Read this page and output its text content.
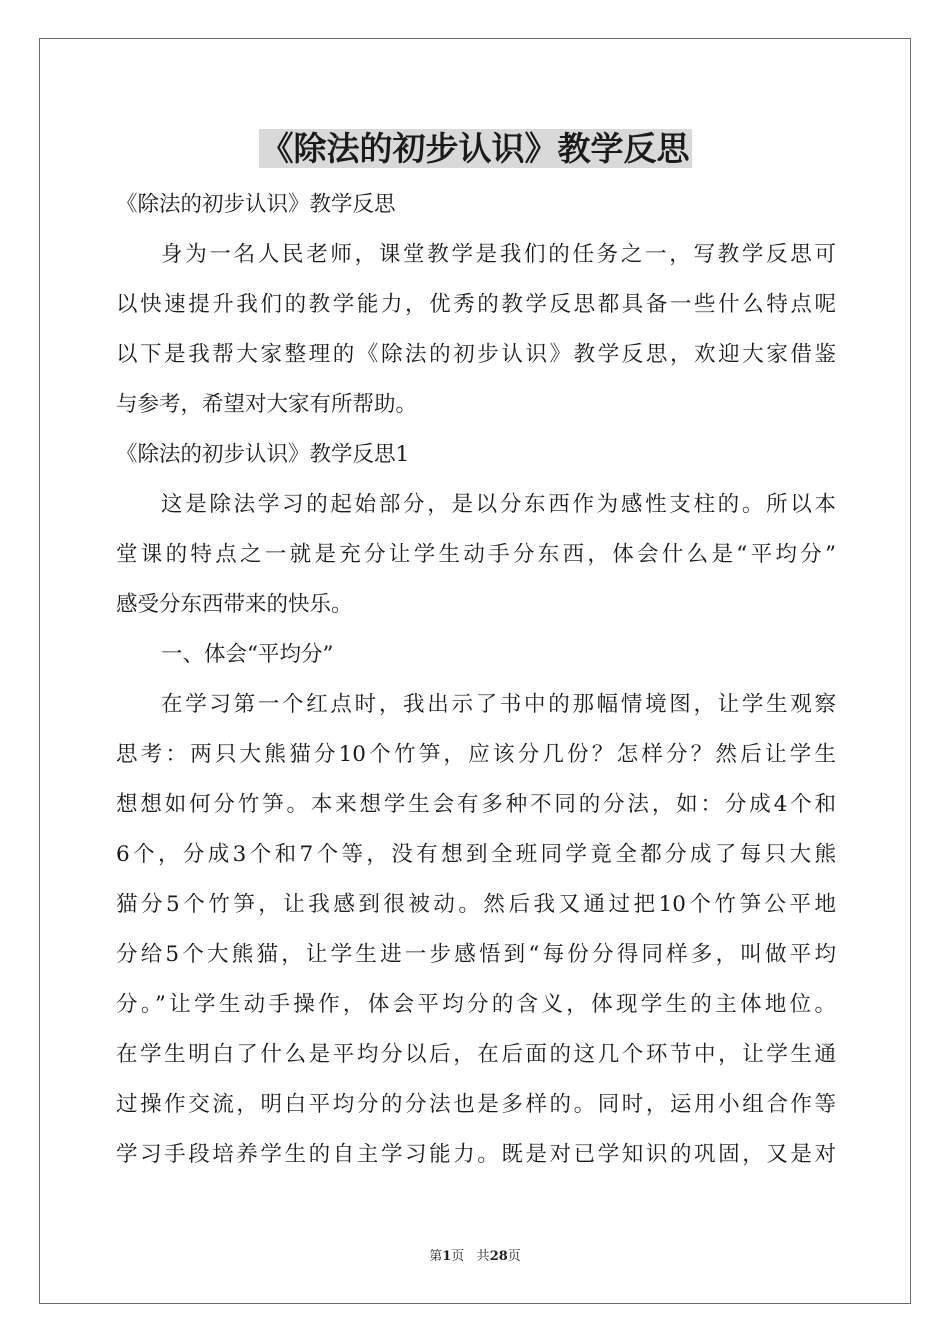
《除法的初步认识》教学反思
《除法的初步认识》教学反思
身为一名人民老师，课堂教学是我们的任务之一，写教学反思可
以快速提升我们的教学能力，优秀的教学反思都具备一些什么特点呢
以下是我帮大家整理的《除法的初步认识》教学反思，欢迎大家借鉴
与参考，希望对大家有所帮助。
《除法的初步认识》教学反思1
这是除法学习的起始部分，是以分东西作为感性支柱的。所以本
堂课的特点之一就是充分让学生动手分东西，体会什么是“平均分”
感受分东西带来的快乐。
一、体会“平均分”
在学习第一个红点时，我出示了书中的那幅情境图，让学生观察
思考：两只大熊猫分10个竹笋，应该分几份？怎样分？然后让学生
想想如何分竹笋。本来想学生会有多种不同的分法，如：分成4个和
6个，分成3个和7个等，没有想到全班同学竟全都分成了每只大熊
猫分5个竹笋，让我感到很被动。然后我又通过把10个竹笋公平地
分给5个大熊猫，让学生进一步感悟到“每份分得同样多，叫做平均
分。”让学生动手操作，体会平均分的含义，体现学生的主体地位。
在学生明白了什么是平均分以后，在后面的这几个环节中，让学生通
过操作交流，明白平均分的分法也是多样的。同时，运用小组合作等
学习手段培养学生的自主学习能力。既是对已学知识的巩固，又是对
第1页 共28页
